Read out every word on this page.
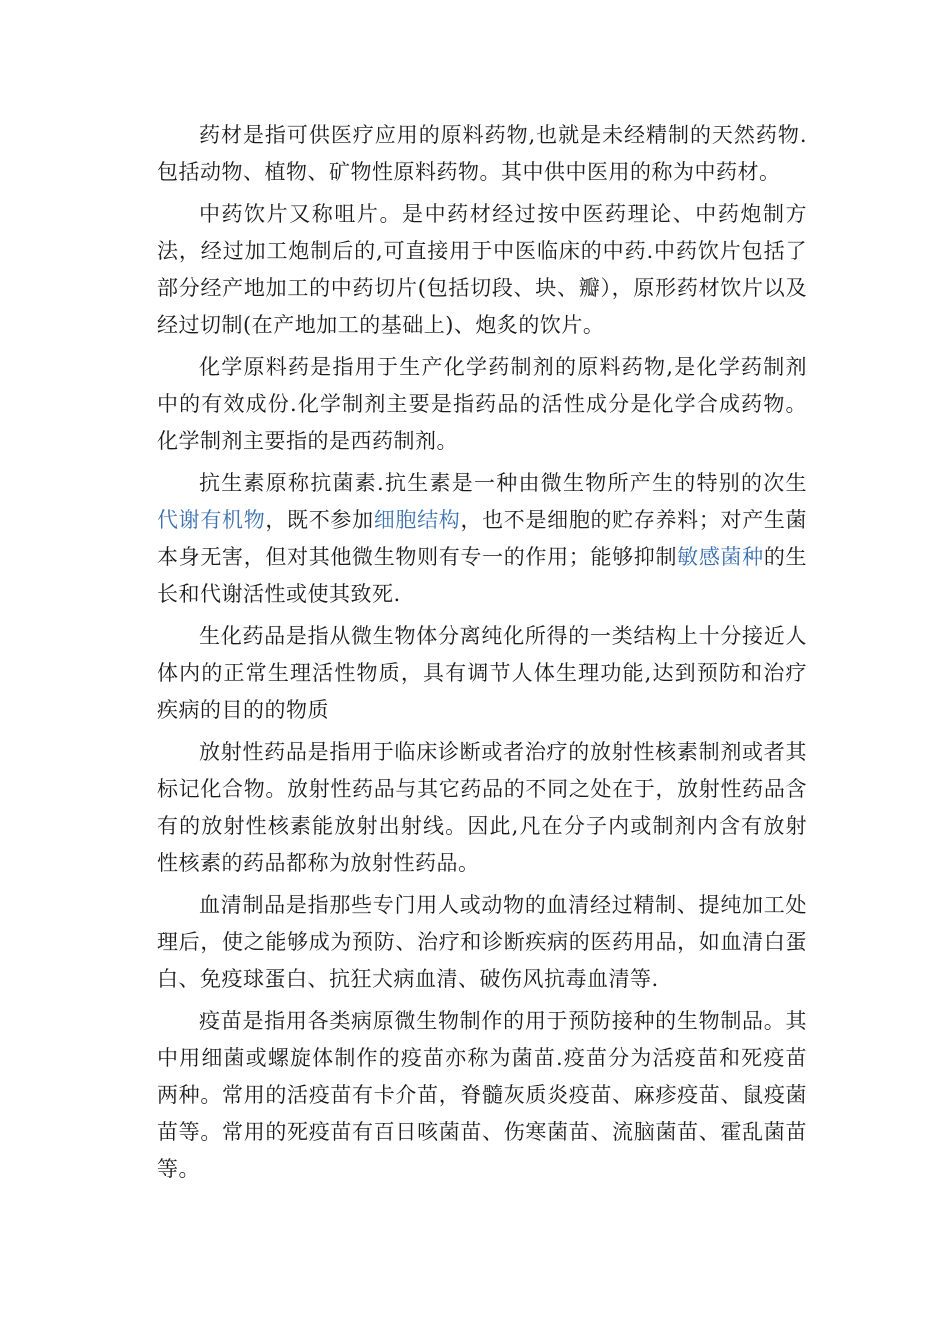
药材是指可供医疗应用的原料药物,也就是未经精制的天然药物.包括动物、植物、矿物性原料药物。其中供中医用的称为中药材。

中药饮片又称咀片。是中药材经过按中医药理论、中药炮制方法，经过加工炮制后的,可直接用于中医临床的中药.中药饮片包括了部分经产地加工的中药切片(包括切段、块、瓣），原形药材饮片以及经过切制(在产地加工的基础上)、炮炙的饮片。

化学原料药是指用于生产化学药制剂的原料药物,是化学药制剂中的有效成份.化学制剂主要是指药品的活性成分是化学合成药物。 化学制剂主要指的是西药制剂。

抗生素原称抗菌素.抗生素是一种由微生物所产生的特别的次生代谢有机物，既不参加细胞结构，也不是细胞的贮存养料；对产生菌本身无害，但对其他微生物则有专一的作用；能够抑制敏感菌种的生长和代谢活性或使其致死.

生化药品是指从微生物体分离纯化所得的一类结构上十分接近人体内的正常生理活性物质，具有调节人体生理功能,达到预防和治疗疾病的目的的物质

放射性药品是指用于临床诊断或者治疗的放射性核素制剂或者其标记化合物。放射性药品与其它药品的不同之处在于，放射性药品含有的放射性核素能放射出射线。因此,凡在分子内或制剂内含有放射性核素的药品都称为放射性药品。

血清制品是指那些专门用人或动物的血清经过精制、提纯加工处理后，使之能够成为预防、治疗和诊断疾病的医药用品，如血清白蛋白、免疫球蛋白、抗狂犬病血清、破伤风抗毒血清等.

疫苗是指用各类病原微生物制作的用于预防接种的生物制品。其中用细菌或螺旋体制作的疫苗亦称为菌苗.疫苗分为活疫苗和死疫苗两种。常用的活疫苗有卡介苗，脊髓灰质炎疫苗、麻疹疫苗、鼠疫菌苗等。常用的死疫苗有百日咳菌苗、伤寒菌苗、流脑菌苗、霍乱菌苗等。
